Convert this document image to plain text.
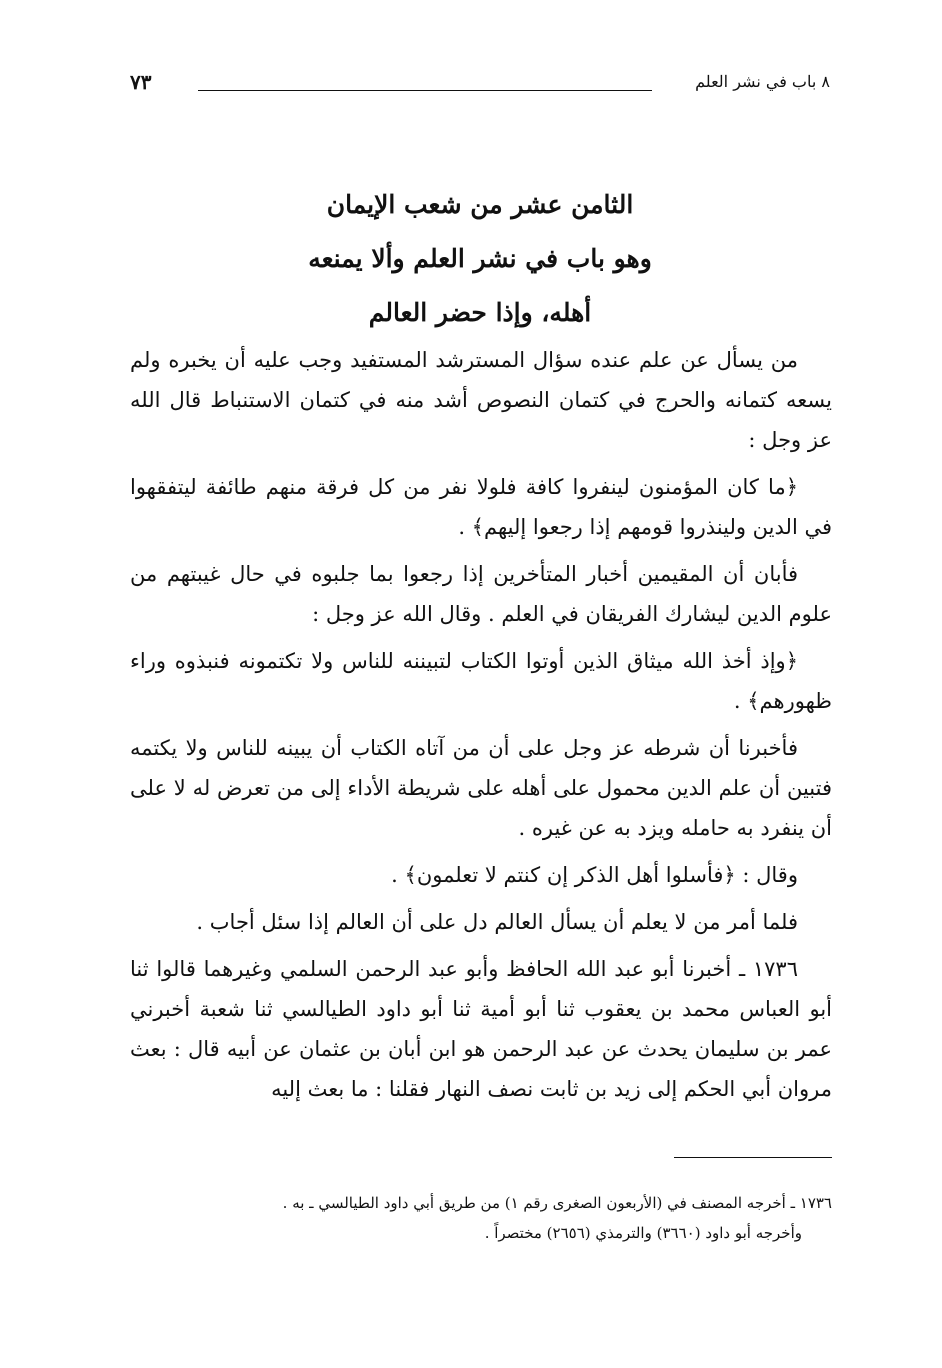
٨ باب في نشر العلم
٧٣
الثامن عشر من شعب الإيمان
وهو باب في نشر العلم وألا يمنعه
أهله، وإذا حضر العالم

من يسأل عن علم عنده سؤال المسترشد المستفيد وجب عليه أن يخبره ولم يسعه كتمانه والحرج في كتمان النصوص أشد منه في كتمان الاستنباط قال الله عز وجل :

﴿ما كان المؤمنون لينفروا كافة فلولا نفر من كل فرقة منهم طائفة ليتفقهوا في الدين ولينذروا قومهم إذا رجعوا إليهم﴾ .

فأبان أن المقيمين أخبار المتأخرين إذا رجعوا بما جلبوه في حال غيبتهم من علوم الدين ليشارك الفريقان في العلم . وقال الله عز وجل :

﴿وإذ أخذ الله ميثاق الذين أوتوا الكتاب لتبيننه للناس ولا تكتمونه فنبذوه وراء ظهورهم﴾ .

فأخبرنا أن شرطه عز وجل على أن من آتاه الكتاب أن يبينه للناس ولا يكتمه فتبين أن علم الدين محمول على أهله على شريطة الأداء إلى من تعرض له لا على أن ينفرد به حامله ويزد به عن غيره .

وقال : ﴿فأسلوا أهل الذكر إن كنتم لا تعلمون﴾ .

فلما أمر من لا يعلم أن يسأل العالم دل على أن العالم إذا سئل أجاب .

١٧٣٦ ـ أخبرنا أبو عبد الله الحافظ وأبو عبد الرحمن السلمي وغيرهما قالوا ثنا أبو العباس محمد بن يعقوب ثنا أبو أمية ثنا أبو داود الطيالسي ثنا شعبة أخبرني عمر بن سليمان يحدث عن عبد الرحمن هو ابن أبان بن عثمان عن أبيه قال : بعث مروان أبي الحكم إلى زيد بن ثابت نصف النهار فقلنا : ما بعث إليه

١٧٣٦ ـ أخرجه المصنف في (الأربعون الصغرى رقم ١) من طريق أبي داود الطيالسي ـ به .
وأخرجه أبو داود (٣٦٦٠) والترمذي (٢٦٥٦) مختصراً .
